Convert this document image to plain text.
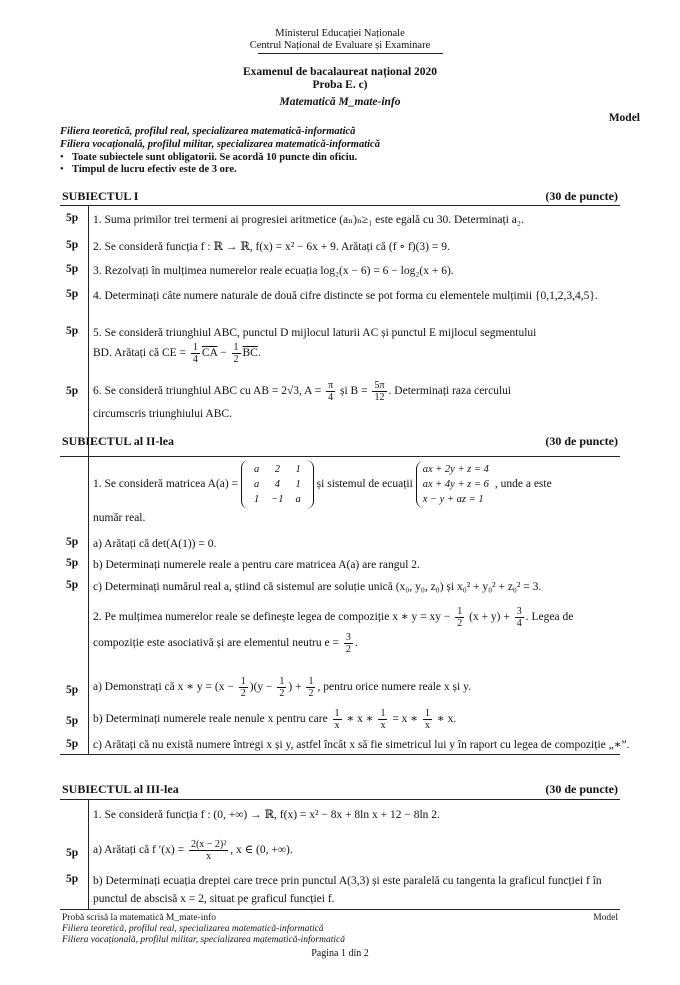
Ministerul Educației Naționale
Centrul Național de Evaluare și Examinare
Examenul de bacalaureat național 2020
Proba E. c)
Matematică M_mate-info
Model
Filiera teoretică, profilul real, specializarea matematică-informatică
Filiera vocațională, profilul militar, specializarea matematică-informatică
• Toate subiectele sunt obligatorii. Se acordă 10 puncte din oficiu.
• Timpul de lucru efectiv este de 3 ore.
SUBIECTUL I	(30 de puncte)
5p 1. Suma primilor trei termeni ai progresiei aritmetice (aₙ)ₙ≥₁ este egală cu 30. Determinați a₂.
5p 2. Se consideră funcția f : ℝ → ℝ, f(x) = x² − 6x + 9. Arătați că (f ∘ f)(3) = 9.
5p 3. Rezolvați în mulțimea numerelor reale ecuația log₂(x − 6) = 6 − log₂(x + 6).
5p 4. Determinați câte numere naturale de două cifre distincte se pot forma cu elementele mulțimii {0,1,2,3,4,5}.
5p 5. Se consideră triunghiul ABC, punctul D mijlocul laturii AC și punctul E mijlocul segmentului
BD. Arătați că CE = $\frac{1}{4} \overline{CA} - \frac{1}{2} \overline{BC}$.
5p 6. Se consideră triunghiul ABC cu AB = 2√3, $A = \frac{\pi}{4}$ și $B = \frac{5\pi}{12}$ . Determinați raza cercului
circumscris triunghiului ABC.
SUBIECTUL al II-lea	(30 de puncte)
1. Se consideră matricea A(a) =
a	2	1
a	4	1
1	−1	a
și sistemul de ecuații ax + 2y + z = 4
ax + 4y + z = 6
x − y + az = 1, unde a este
număr real.
5p a) Arătați că det(A(1)) = 0.
5p b) Determinați numerele reale a pentru care matricea A(a) are rangul 2.
5p c) Determinați numărul real a, știind că sistemul are soluție unică (x₀, y₀, z₀) și x₀² + y₀² + z₀² = 3.
2. Pe mulțimea numerelor reale se definește legea de compoziție x ∗ y = xy − $\frac{1}{2} (x + y) + \frac{3}{4}$ . Legea de
compoziție este asociativă și are elementul neutru $e = \frac{3}{2}$ .
5p a) Demonstrați că x ∗ $y = (x - \frac{1}{2} )(y - \frac{1}{2}$ ) + $\frac{1}{2}$ , pentru orice numere reale x și y.
5p b) Determinați numerele reale nenule x pentru care $\frac{1}{x}$ ∗ x ∗ $\frac{1}{x} = x$ ∗ $\frac{1}{x}$ ∗ x.
5p c) Arătați că nu există numere întregi x și y, astfel încât x să fie simetricul lui y în raport cu legea de compoziție „∗”.
SUBIECTUL al III-lea	(30 de puncte)
1. Se consideră funcția f : (0, +∞) → ℝ, f(x) = x² − 8x + 8ln x + 12 − 8ln 2.
5p a) Arătați că f $'(x) = \frac{\text{2(x − 2)²}}{x}$ , x ∈ (0, +∞).
5p b) Determinați ecuația dreptei care trece prin punctul A(3,3) și este paralelă cu tangenta la graficul funcției f în punctul de abscisă x = 2, situat pe graficul funcției f.
Probă scrisă la matematică M_mate-info	Model
Filiera teoretică, profilul real, specializarea matematică-informatică
Filiera vocațională, profilul militar, specializarea matematică-informatică
Pagina 1 din 2
